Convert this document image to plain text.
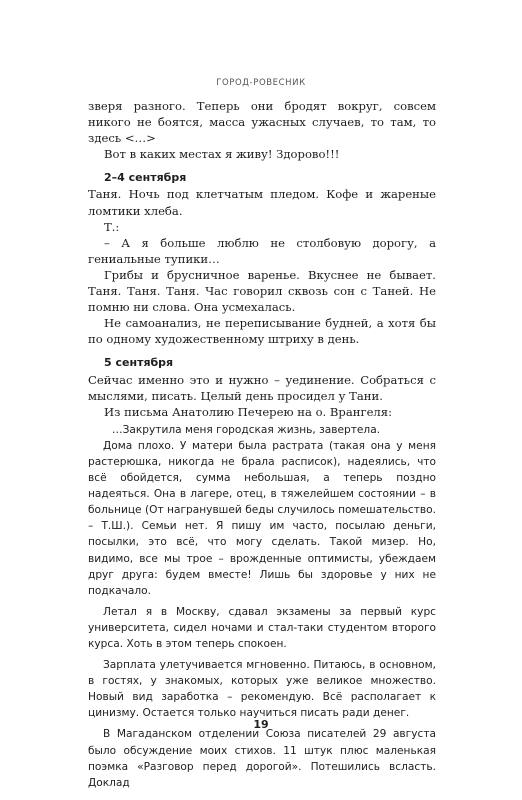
ГОРОД-РОВЕСНИК

зверя разного. Теперь они бродят вокруг, совсем никого не боятся, масса ужасных случаев, то там, то здесь <…>

Вот в каких местах я живу! Здорово!!!

2–4 сентября

Таня. Ночь под клетчатым пледом. Кофе и жареные ломтики хлеба.

Т.:

– А я больше люблю не столбовую дорогу, а гениальные тупики…

Грибы и брусничное варенье. Вкуснее не бывает. Таня. Таня. Таня. Час говорил сквозь сон с Таней. Не помню ни слова. Она усмехалась.

Не самоанализ, не переписывание будней, а хотя бы по одному художественному штриху в день.

5 сентября

Сейчас именно это и нужно – уединение. Собраться с мыслями, писать. Целый день просидел у Тани.

Из письма Анатолию Печерею на о. Врангеля:

…Закрутила меня городская жизнь, завертела.

Дома плохо. У матери была растрата (такая она у меня растерюшка, никогда не брала расписок), надеялись, что всё обойдется, сумма небольшая, а теперь поздно надеяться. Она в лагере, отец, в тяжелейшем состоянии – в больнице (От награнувшей беды случилось помешательство. – Т.Ш.). Семьи нет. Я пишу им часто, посылаю деньги, посылки, это всё, что могу сделать. Такой мизер. Но, видимо, все мы трое – врожденные оптимисты, убеждаем друг друга: будем вместе! Лишь бы здоровье у них не подкачало.

Летал я в Москву, сдавал экзамены за первый курс университета, сидел ночами и стал-таки студентом второго курса. Хоть в этом теперь спокоен.

Зарплата улетучивается мгновенно. Питаюсь, в основном, в гостях, у знакомых, которых уже великое множество. Новый вид заработка – рекомендую. Всё располагает к цинизму. Остается только научиться писать ради денег.

В Магаданском отделении Союза писателей 29 августа было обсуждение моих стихов. 11 штук плюс маленькая поэмка «Разговор перед дорогой». Потешились всласть. Доклад

19
